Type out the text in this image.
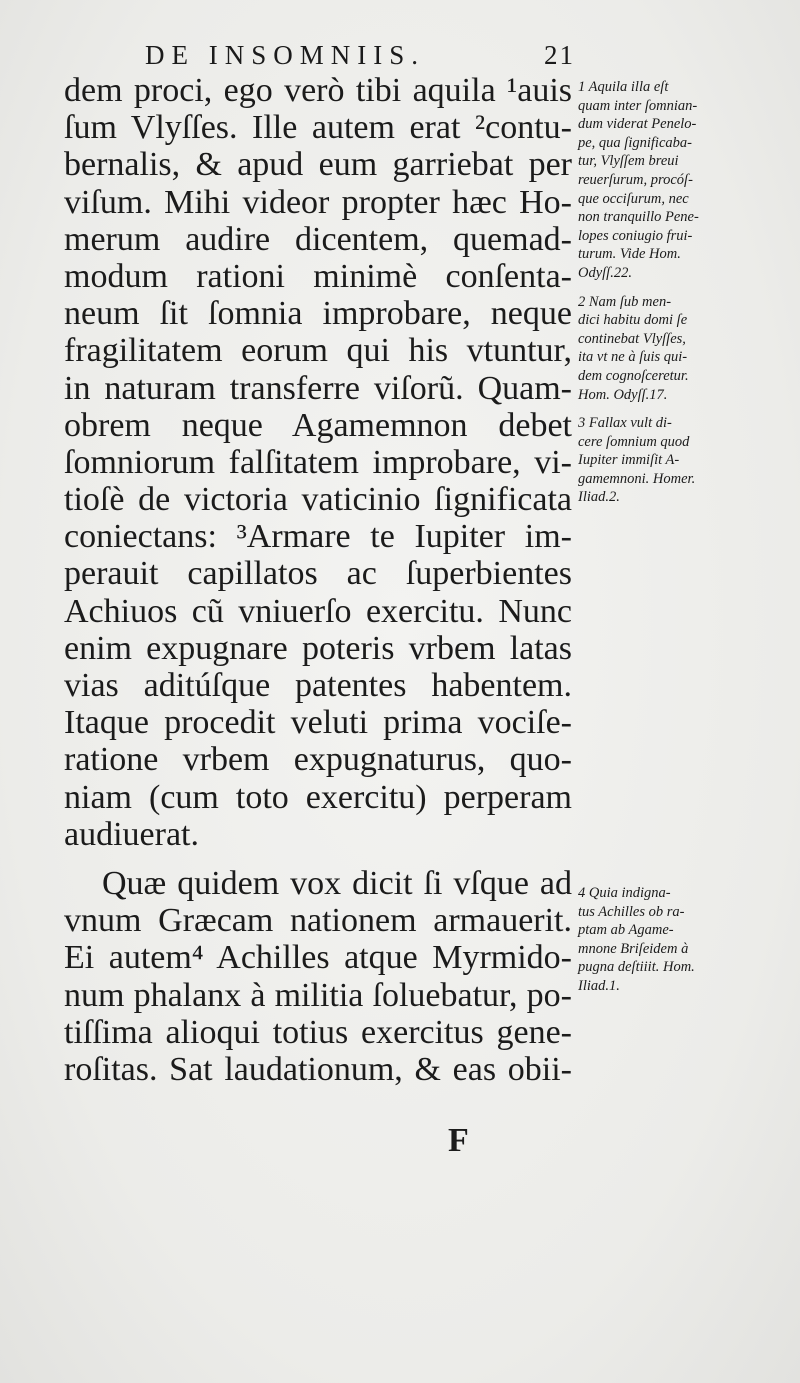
DE INSOMNIIS.	21
dem proci, ego verò tibi aquila ¹auis
ſum Vlyſſes. Ille autem erat ²contu-
bernalis, & apud eum garriebat per
viſum. Mihi videor propter hæc Ho-
merum audire dicentem, quemad-
modum rationi minimè conſenta-
neum ſit ſomnia improbare, neque
fragilitatem eorum qui his vtuntur,
in naturam transferre viſorũ. Quam-
obrem neque Agamemnon debet
ſomniorum falſitatem improbare, vi-
tioſè de victoria vaticinio ſignificata
coniectans: ³Armare te Iupiter im-
perauit capillatos ac ſuperbientes
Achiuos cũ vniuerſo exercitu. Nunc
enim expugnare poteris vrbem latas
vias aditúſque patentes habentem.
Itaque procedit veluti prima vociſe-
ratione vrbem expugnaturus, quo-
niam (cum toto exercitu) perperam
audiuerat.
Quæ quidem vox dicit ſi vſque ad
vnum Græcam nationem armauerit.
Ei autem⁴ Achilles atque Myrmido-
num phalanx à militia ſoluebatur, po-
tiſſima alioqui totius exercitus gene-
roſitas. Sat laudationum, & eas obii-
1 Aquila illa eſt
quam inter ſomnian-
dum viderat Penelo-
pe, qua ſignificaba-
tur, Vlyſſem breui
reuerſurum, procóſ-
que occiſurum, nec
non tranquillo Pene-
lopes coniugio frui-
turum. Vide Hom.
Odyſſ.22.
2 Nam ſub men-
dici habitu domi ſe
continebat Vlyſſes,
ita vt ne à ſuis qui-
dem cognoſceretur.
Hom. Odyſſ.17.
3 Fallax vult di-
cere ſomnium quod
Iupiter immiſit A-
gamemnoni. Homer.
Iliad.2.
4 Quia indigna-
tus Achilles ob ra-
ptam ab Agame-
mnone Briſeidem à
pugna deſtiiit. Hom.
Iliad.1.
F
